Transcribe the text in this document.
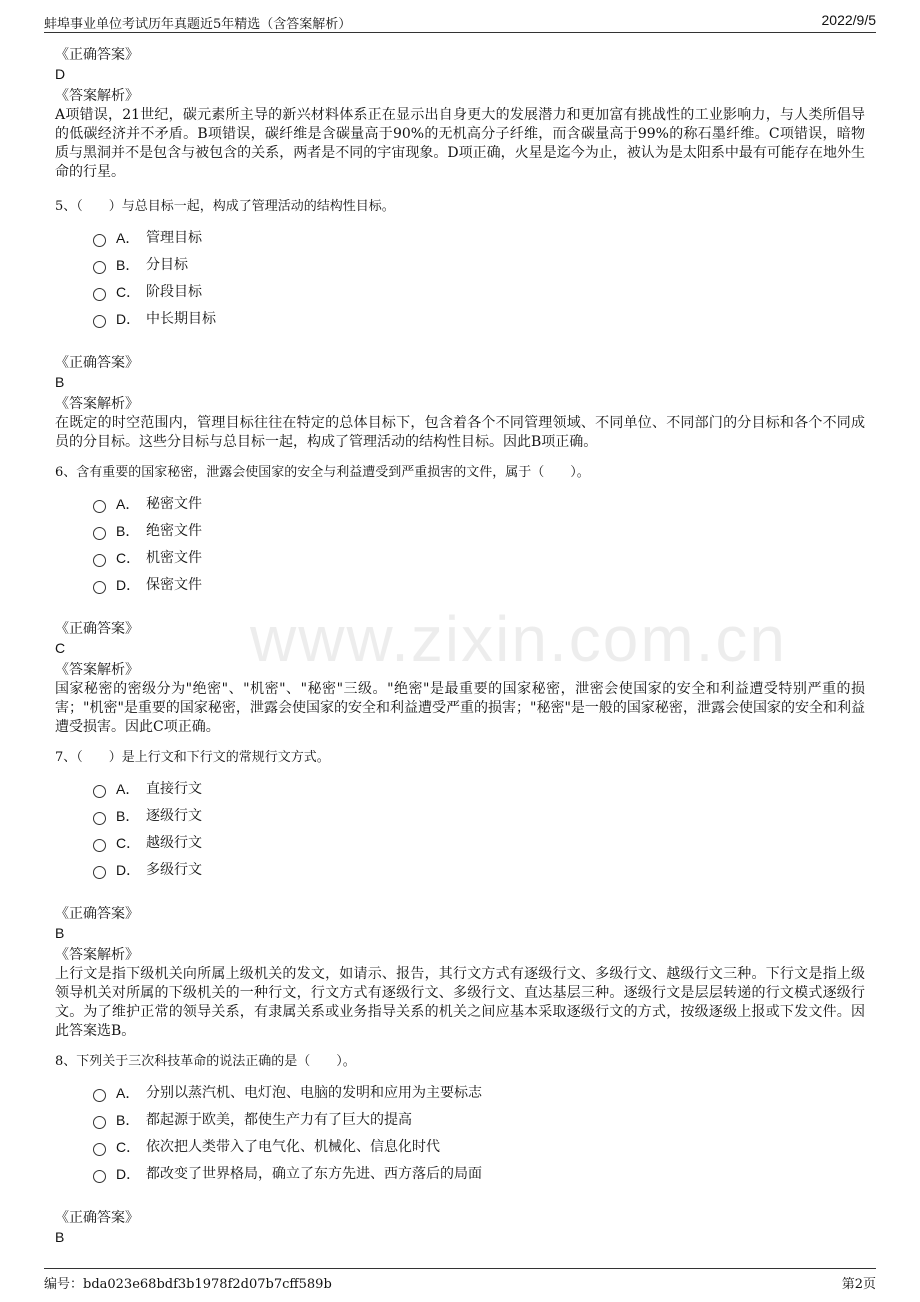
蚌埠事业单位考试历年真题近5年精选（含答案解析）	2022/9/5
www.zixin.com.cn
《正确答案》
D
《答案解析》
A项错误，21世纪，碳元素所主导的新兴材料体系正在显示出自身更大的发展潜力和更加富有挑战性的工业影响力，与人类所倡导的低碳经济并不矛盾。B项错误，碳纤维是含碳量高于90%的无机高分子纤维，而含碳量高于99%的称石墨纤维。C项错误，暗物质与黑洞并不是包含与被包含的关系，两者是不同的宇宙现象。D项正确，火星是迄今为止，被认为是太阳系中最有可能存在地外生命的行星。
5、（　　）与总目标一起，构成了管理活动的结构性目标。
A． 管理目标
B． 分目标
C． 阶段目标
D． 中长期目标
《正确答案》
B
《答案解析》
在既定的时空范围内，管理目标往往在特定的总体目标下，包含着各个不同管理领域、不同单位、不同部门的分目标和各个不同成员的分目标。这些分目标与总目标一起，构成了管理活动的结构性目标。因此B项正确。
6、含有重要的国家秘密，泄露会使国家的安全与利益遭受到严重损害的文件，属于（　　）。
A． 秘密文件
B． 绝密文件
C． 机密文件
D． 保密文件
《正确答案》
C
《答案解析》
国家秘密的密级分为"绝密"、"机密"、"秘密"三级。"绝密"是最重要的国家秘密，泄密会使国家的安全和利益遭受特别严重的损害；"机密"是重要的国家秘密，泄露会使国家的安全和利益遭受严重的损害；"秘密"是一般的国家秘密，泄露会使国家的安全和利益遭受损害。因此C项正确。
7、（　　）是上行文和下行文的常规行文方式。
A． 直接行文
B． 逐级行文
C． 越级行文
D． 多级行文
《正确答案》
B
《答案解析》
上行文是指下级机关向所属上级机关的发文，如请示、报告，其行文方式有逐级行文、多级行文、越级行文三种。下行文是指上级领导机关对所属的下级机关的一种行文，行文方式有逐级行文、多级行文、直达基层三种。逐级行文是层层转递的行文模式逐级行文。为了维护正常的领导关系，有隶属关系或业务指导关系的机关之间应基本采取逐级行文的方式，按级逐级上报或下发文件。因此答案选B。
8、下列关于三次科技革命的说法正确的是（　　）。
A． 分别以蒸汽机、电灯泡、电脑的发明和应用为主要标志
B． 都起源于欧美，都使生产力有了巨大的提高
C． 依次把人类带入了电气化、机械化、信息化时代
D． 都改变了世界格局，确立了东方先进、西方落后的局面
《正确答案》
B
编号：bda023e68bdf3b1978f2d07b7cff589b	第2页
